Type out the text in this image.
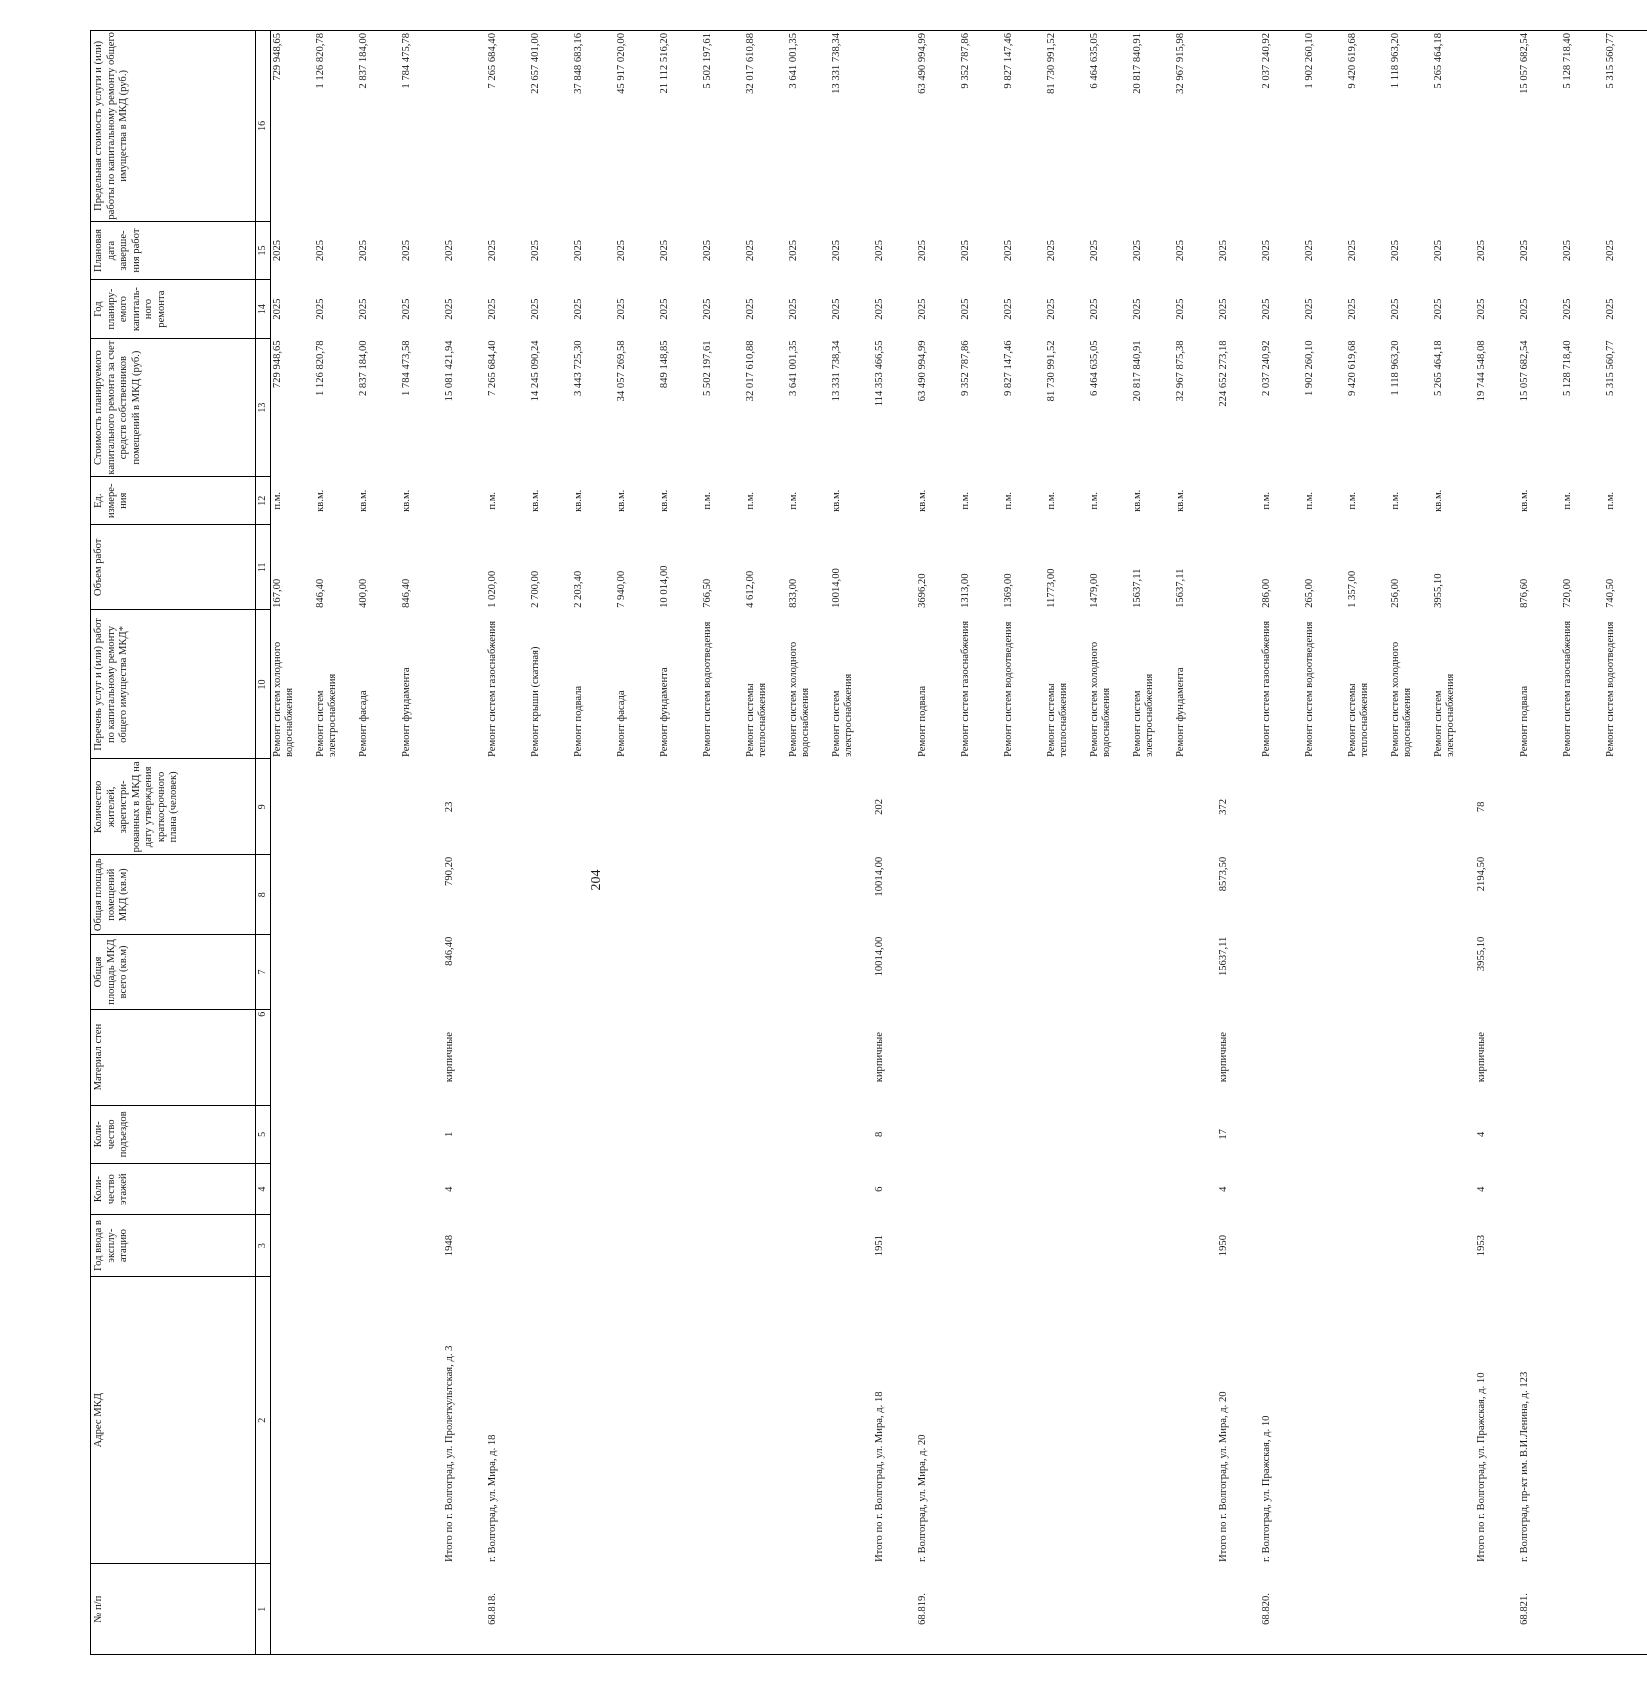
204
№ п/п	Адрес МКД	Год ввода в эксплу-атацию	Коли-чество этажей	Коли-чество подъездов	Материал стен	Общая площадь МКД всего (кв.м)	Общая площадь помещений МКД (кв.м)	Количество жителей, зарегистри-рованных в МКД на дату утверждения краткосрочного плана (человек)	Перечень услуг и (или) работ по капитальному ремонту общего имущества МКД*	Объем работ	Ед. измере-ния	Стоимость планируемого капитального ремонта за счет средств собственников помещений в МКД (руб.)	Год планиру-емого капиталь-ного ремонта	Плановая дата заверше-ния работ	Предельная стоимость услуги и (или) работы по капитальному ремонту общего имущества в МКД (руб.)
1	2	3	4	5	6	7	8	9	10	11	12	13	14	15	16
									Ремонт систем холодного водоснабжения	167,00	п.м.	729 948,65	2025	2025	729 948,65
									Ремонт систем электроснабжения	846,40	кв.м.	1 126 820,78	2025	2025	1 126 820,78
									Ремонт фасада	400,00	кв.м.	2 837 184,00	2025	2025	2 837 184,00
									Ремонт фундамента	846,40	кв.м.	1 784 473,58	2025	2025	1 784 475,78
	Итого по г. Волгоград, ул. Пролеткультская, д. 3	1948	4	1	кирпичные	846,40	790,20	23				15 081 421,94	2025	2025	
68.818.	г. Волгоград, ул. Мира, д. 18								Ремонт систем газоснабжения	1 020,00	п.м.	7 265 684,40	2025	2025	7 265 684,40
									Ремонт крыши (скатная)	2 700,00	кв.м.	14 245 090,24	2025	2025	22 657 401,00
									Ремонт подвала	2 203,40	кв.м.	3 443 725,30	2025	2025	37 848 683,16
									Ремонт фасада	7 940,00	кв.м.	34 057 269,58	2025	2025	45 917 020,00
									Ремонт фундамента	10 014,00	кв.м.	849 148,85	2025	2025	21 112 516,20
									Ремонт систем водоотведения	766,50	п.м.	5 502 197,61	2025	2025	5 502 197,61
									Ремонт системы теплоснабжения	4 612,00	п.м.	32 017 610,88	2025	2025	32 017 610,88
									Ремонт систем холодного водоснабжения	833,00	п.м.	3 641 001,35	2025	2025	3 641 001,35
									Ремонт систем электроснабжения	10014,00	кв.м.	13 331 738,34	2025	2025	13 331 738,34
	Итого по г. Волгоград, ул. Мира, д. 18	1951	6	8	кирпичные	10014,00	10014,00	202				114 353 466,55	2025	2025	
68.819.	г. Волгоград, ул. Мира, д. 20								Ремонт подвала	3696,20	кв.м.	63 490 994,99	2025	2025	63 490 994,99
									Ремонт систем газоснабжения	1313,00	п.м.	9 352 787,86	2025	2025	9 352 787,86
									Ремонт систем водоотведения	1369,00	п.м.	9 827 147,46	2025	2025	9 827 147,46
									Ремонт системы теплоснабжения	11773,00	п.м.	81 730 991,52	2025	2025	81 730 991,52
									Ремонт систем холодного водоснабжения	1479,00	п.м.	6 464 635,05	2025	2025	6 464 635,05
									Ремонт систем электроснабжения	15637,11	кв.м.	20 817 840,91	2025	2025	20 817 840,91
									Ремонт фундамента	15637,11	кв.м.	32 967 875,38	2025	2025	32 967 915,98
	Итого по г. Волгоград, ул. Мира, д. 20	1950	4	17	кирпичные	15637,11	8573,50	372				224 652 273,18	2025	2025	
68.820.	г. Волгоград, ул. Пражская, д. 10								Ремонт систем газоснабжения	286,00	п.м.	2 037 240,92	2025	2025	2 037 240,92
									Ремонт систем водоотведения	265,00	п.м.	1 902 260,10	2025	2025	1 902 260,10
									Ремонт системы теплоснабжения	1 357,00	п.м.	9 420 619,68	2025	2025	9 420 619,68
									Ремонт систем холодного водоснабжения	256,00	п.м.	1 118 963,20	2025	2025	1 118 963,20
									Ремонт систем электроснабжения	3955,10	кв.м.	5 265 464,18	2025	2025	5 265 464,18
	Итого по г. Волгоград, ул. Пражская, д. 10	1953	4	4	кирпичные	3955,10	2194,50	78				19 744 548,08	2025	2025	
68.821.	г. Волгоград, пр-кт им. В.И.Ленина, д. 123								Ремонт подвала	876,60	кв.м.	15 057 682,54	2025	2025	15 057 682,54
									Ремонт систем газоснабжения	720,00	п.м.	5 128 718,40	2025	2025	5 128 718,40
									Ремонт систем водоотведения	740,50	п.м.	5 315 560,77	2025	2025	5 315 560,77
